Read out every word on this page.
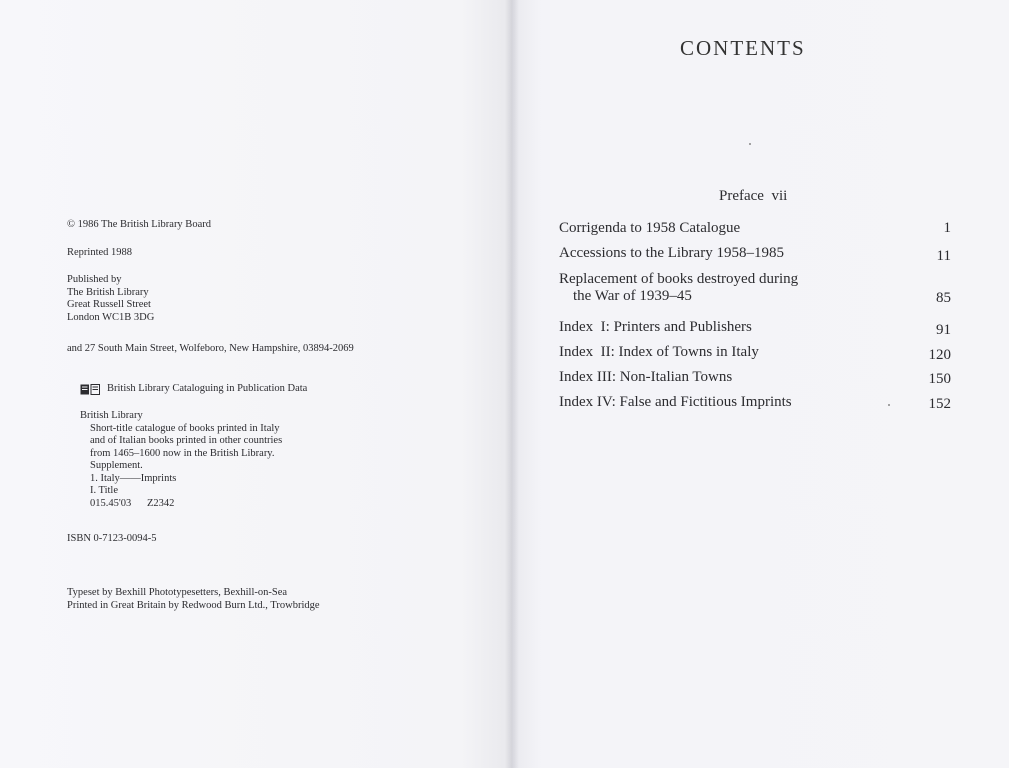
© 1986 The British Library Board
Reprinted 1988
Published by
The British Library
Great Russell Street
London WC1B 3DG
and 27 South Main Street, Wolfeboro, New Hampshire, 03894-2069
British Library Cataloguing in Publication Data
British Library
Short-title catalogue of books printed in Italy
and of Italian books printed in other countries
from 1465–1600 now in the British Library.
Supplement.
1. Italy——Imprints
I. Title
015.45'03      Z2342
ISBN 0-7123-0094-5
Typeset by Bexhill Phototypesetters, Bexhill-on-Sea
Printed in Great Britain by Redwood Burn Ltd., Trowbridge
CONTENTS
Preface  vii
Corrigenda to 1958 Catalogue	1
Accessions to the Library 1958–1985	11
Replacement of books destroyed during
the War of 1939–45	85
Index  I: Printers and Publishers	91
Index  II: Index of Towns in Italy	120
Index III: Non-Italian Towns	150
Index IV: False and Fictitious Imprints	152
